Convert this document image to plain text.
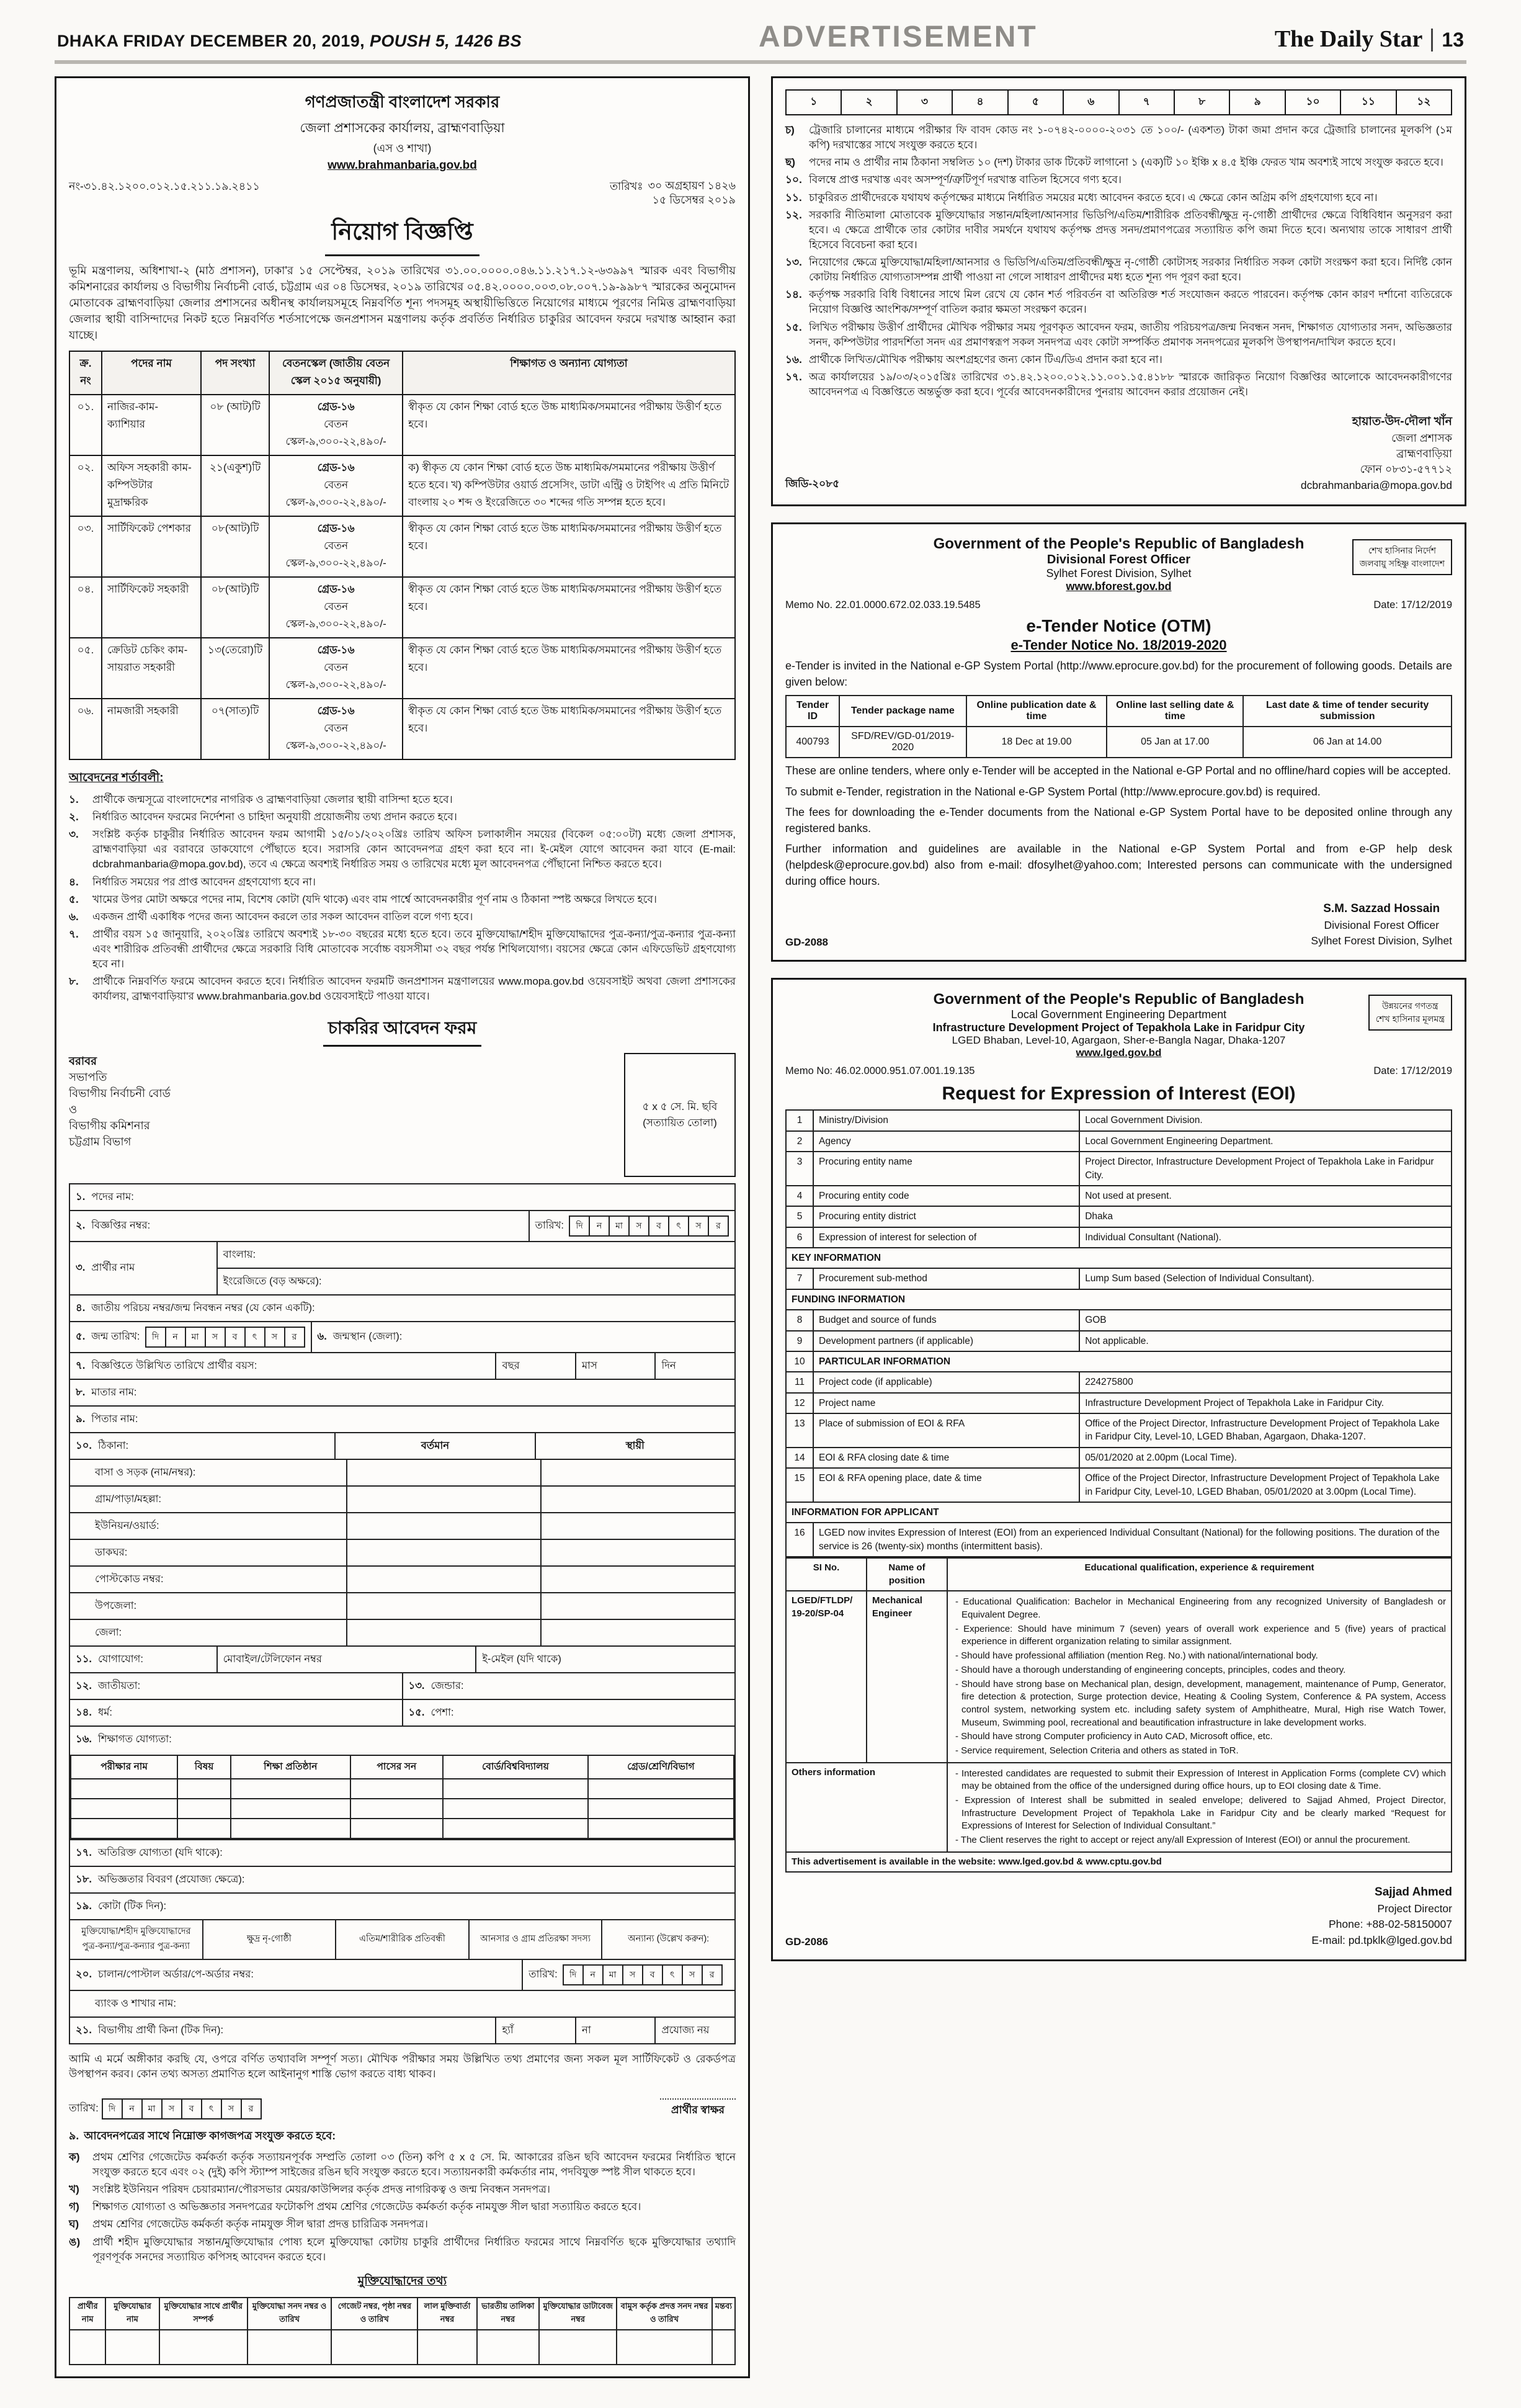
DHAKA FRIDAY DECEMBER 20, 2019, POUSH 5, 1426 BS	ADVERTISEMENT	The Daily Star 13
গণপ্রজাতন্ত্রী বাংলাদেশ সরকার
জেলা প্রশাসকের কার্যালয়, ব্রাহ্মণবাড়িয়া
(এস ও শাখা)
www.brahmanbaria.gov.bd
নং-৩১.৪২.১২০০.০১২.১৫.২১১.১৯.২৪১১	তারিখঃ ৩০ অগ্রহায়ণ ১৪২৬
১৫ ডিসেম্বর ২০১৯
নিয়োগ বিজ্ঞপ্তি

ভূমি মন্ত্রণালয়, অধিশাখা-২ (মাঠ প্রশাসন), ঢাকা'র ১৫ সেপ্টেম্বর, ২০১৯ তারিখের ৩১.০০.০০০০.০৪৬.১১.২১৭.১২-৬৩৯৯৭ স্মারক এবং বিভাগীয় কমিশনারের কার্যালয় ও বিভাগীয় নির্বাচনী বোর্ড, চট্টগ্রাম এর ০৪ ডিসেম্বর, ২০১৯ তারিখের ০৫.৪২.০০০০.০০৩.০৮.০০৭.১৯-৯৯৮৭ স্মারকের অনুমোদন মোতাবেক ব্রাহ্মণবাড়িয়া জেলার প্রশাসনের অধীনস্থ কার্যালয়সমূহে নিম্নবর্ণিত শূন্য পদসমূহ অস্থায়ীভিত্তিতে নিয়োগের মাধ্যমে পূরণের নিমিত্ত ব্রাহ্মণবাড়িয়া জেলার স্থায়ী বাসিন্দাদের নিকট হতে নিম্নবর্ণিত শর্তসাপেক্ষে জনপ্রশাসন মন্ত্রণালয় কর্তৃক প্রবর্তিত নির্ধারিত চাকুরির আবেদন ফরমে দরখাস্ত আহ্বান করা যাচ্ছে।

ক্র. নং	পদের নাম	পদ সংখ্যা	বেতনস্কেল (জাতীয় বেতন স্কেল ২০১৫ অনুযায়ী)	শিক্ষাগত ও অন্যান্য যোগ্যতা
০১.	নাজির-কাম-ক্যাশিয়ার	০৮ (আট)টি	গ্রেড-১৬
বেতন স্কেল-৯,৩০০-২২,৪৯০/-	স্বীকৃত যে কোন শিক্ষা বোর্ড হতে উচ্চ মাধ্যমিক/সমমানের পরীক্ষায় উত্তীর্ণ হতে হবে।
০২.	অফিস সহকারী কাম-কম্পিউটার মুদ্রাক্ষরিক	২১(একুশ)টি	গ্রেড-১৬
বেতন স্কেল-৯,৩০০-২২,৪৯০/-	ক) স্বীকৃত যে কোন শিক্ষা বোর্ড হতে উচ্চ মাধ্যমিক/সমমানের পরীক্ষায় উত্তীর্ণ হতে হবে। খ) কম্পিউটার ওয়ার্ড প্রসেসিং, ডাটা এন্ট্রি ও টাইপিং এ প্রতি মিনিটে বাংলায় ২০ শব্দ ও ইংরেজিতে ৩০ শব্দের গতি সম্পন্ন হতে হবে।
০৩.	সার্টিফিকেট পেশকার	০৮(আট)টি	গ্রেড-১৬
বেতন স্কেল-৯,৩০০-২২,৪৯০/-	স্বীকৃত যে কোন শিক্ষা বোর্ড হতে উচ্চ মাধ্যমিক/সমমানের পরীক্ষায় উত্তীর্ণ হতে হবে।
০৪.	সার্টিফিকেট সহকারী	০৮(আট)টি	গ্রেড-১৬
বেতন স্কেল-৯,৩০০-২২,৪৯০/-	স্বীকৃত যে কোন শিক্ষা বোর্ড হতে উচ্চ মাধ্যমিক/সমমানের পরীক্ষায় উত্তীর্ণ হতে হবে।
০৫.	ক্রেডিট চেকিং কাম-সায়রাত সহকারী	১৩(তেরো)টি	গ্রেড-১৬
বেতন স্কেল-৯,৩০০-২২,৪৯০/-	স্বীকৃত যে কোন শিক্ষা বোর্ড হতে উচ্চ মাধ্যমিক/সমমানের পরীক্ষায় উত্তীর্ণ হতে হবে।
০৬.	নামজারী সহকারী	০৭(সাত)টি	গ্রেড-১৬
বেতন স্কেল-৯,৩০০-২২,৪৯০/-	স্বীকৃত যে কোন শিক্ষা বোর্ড হতে উচ্চ মাধ্যমিক/সমমানের পরীক্ষায় উত্তীর্ণ হতে হবে।
আবেদনের শর্তাবলী:
১.	প্রার্থীকে জন্মসূত্রে বাংলাদেশের নাগরিক ও ব্রাহ্মণবাড়িয়া জেলার স্থায়ী বাসিন্দা হতে হবে।
২.	নির্ধারিত আবেদন ফরমের নির্দেশনা ও চাহিদা অনুযায়ী প্রয়োজনীয় তথ্য প্রদান করতে হবে।
৩.	সংশ্লিষ্ট কর্তৃক চাকুরীর নির্ধারিত আবেদন ফরম আগামী ১৫/০১/২০২০খ্রিঃ তারিখ অফিস চলাকালীন সময়ের (বিকেল ০৫:০০টা) মধ্যে জেলা প্রশাসক, ব্রাহ্মণবাড়িয়া এর বরাবরে ডাকযোগে পৌঁছাতে হবে। সরাসরি কোন আবেদনপত্র গ্রহণ করা হবে না। ই-মেইল যোগে আবেদন করা যাবে (E-mail: dcbrahmanbaria@mopa.gov.bd), তবে এ ক্ষেত্রে অবশ্যই নির্ধারিত সময় ও তারিখের মধ্যে মূল আবেদনপত্র পৌঁছানো নিশ্চিত করতে হবে।
৪.	নির্ধারিত সময়ের পর প্রাপ্ত আবেদন গ্রহণযোগ্য হবে না।
৫.	খামের উপর মোটা অক্ষরে পদের নাম, বিশেষ কোটা (যদি থাকে) এবং বাম পার্শ্বে আবেদনকারীর পূর্ণ নাম ও ঠিকানা স্পষ্ট অক্ষরে লিখতে হবে।
৬.	একজন প্রার্থী একাধিক পদের জন্য আবেদন করলে তার সকল আবেদন বাতিল বলে গণ্য হবে।
৭.	প্রার্থীর বয়স ১৫ জানুয়ারি, ২০২০খ্রিঃ তারিখে অবশ্যই ১৮-৩০ বছরের মধ্যে হতে হবে। তবে মুক্তিযোদ্ধা/শহীদ মুক্তিযোদ্ধাদের পুত্র-কন্যা/পুত্র-কন্যার পুত্র-কন্যা এবং শারীরিক প্রতিবন্ধী প্রার্থীদের ক্ষেত্রে সরকারি বিধি মোতাবেক সর্বোচ্চ বয়সসীমা ৩২ বছর পর্যন্ত শিথিলযোগ্য। বয়সের ক্ষেত্রে কোন এফিডেভিট গ্রহণযোগ্য হবে না।
৮.	প্রার্থীকে নিম্নবর্ণিত ফরমে আবেদন করতে হবে। নির্ধারিত আবেদন ফরমটি জনপ্রশাসন মন্ত্রণালয়ের www.mopa.gov.bd ওয়েবসাইট অথবা জেলা প্রশাসকের কার্যালয়, ব্রাহ্মণবাড়িয়া'র www.brahmanbaria.gov.bd ওয়েবসাইটে পাওয়া যাবে।
চাকরির আবেদন ফরম
বরাবর
সভাপতি
বিভাগীয় নির্বাচনী বোর্ড
ও
বিভাগীয় কমিশনার
চট্টগ্রাম বিভাগ
৫ x ৫ সে. মি. ছবি (সত্যায়িত তোলা)
১. পদের নাম:
২. বিজ্ঞপ্তির নম্বর:	তারিখ:	দি	ন	মা	স	ব	ৎ	স	র
৩. প্রার্থীর নাম
বাংলায়:
ইংরেজিতে (বড় অক্ষরে):
৪. জাতীয় পরিচয় নম্বর/জন্ম নিবন্ধন নম্বর (যে কোন একটি):
৫. জন্ম তারিখ:	দি	ন	মা	স	ব	ৎ	স	র	৬. জন্মস্থান (জেলা):
৭. বিজ্ঞপ্তিতে উল্লিখিত তারিখে প্রার্থীর বয়স:	বছর	মাস	দিন
৮. মাতার নাম:
৯. পিতার নাম:
১০. ঠিকানা:	বর্তমান	স্থায়ী
বাসা ও সড়ক (নাম/নম্বর):
গ্রাম/পাড়া/মহল্লা:
ইউনিয়ন/ওয়ার্ড:
ডাকঘর:
পোস্টকোড নম্বর:
উপজেলা:
জেলা:
১১. যোগাযোগ:	মোবাইল/টেলিফোন নম্বর	ই-মেইল (যদি থাকে)
১২. জাতীয়তা:	১৩. জেন্ডার:
১৪. ধর্ম:	১৫. পেশা:
১৬. শিক্ষাগত যোগ্যতা:
পরীক্ষার নাম	বিষয়	শিক্ষা প্রতিষ্ঠান	পাসের সন	বোর্ড/বিশ্ববিদ্যালয়	গ্রেড/শ্রেণি/বিভাগ

১৭. অতিরিক্ত যোগ্যতা (যদি থাকে):
১৮. অভিজ্ঞতার বিবরণ (প্রযোজ্য ক্ষেত্রে):
১৯. কোটা (টিক দিন):
মুক্তিযোদ্ধা/শহীদ মুক্তিযোদ্ধাদের পুত্র-কন্যা/পুত্র-কন্যার পুত্র-কন্যা
ক্ষুদ্র নৃ-গোষ্ঠী	এতিম/শারীরিক প্রতিবন্ধী	আনসার ও গ্রাম প্রতিরক্ষা সদস্য	অন্যান্য (উল্লেখ করুন):
২০. চালান/পোস্টাল অর্ডার/পে-অর্ডার নম্বর:	তারিখ:	দি	ন	মা	স	ব	ৎ	স	র
ব্যাংক ও শাখার নাম:
২১. বিভাগীয় প্রার্থী কিনা (টিক দিন):	হ্যাঁ	না	প্রযোজ্য নয়

আমি এ মর্মে অঙ্গীকার করছি যে, ওপরে বর্ণিত তথ্যাবলি সম্পূর্ণ সত্য। মৌখিক পরীক্ষার সময় উল্লিখিত তথ্য প্রমাণের জন্য সকল মূল সার্টিফিকেট ও রেকর্ডপত্র উপস্থাপন করব। কোন তথ্য অসত্য প্রমাণিত হলে আইনানুগ শাস্তি ভোগ করতে বাধ্য থাকব।

তারিখ:	দি	ন	মা	স	ব	ৎ	স	র	প্রার্থীর স্বাক্ষর

৯. আবেদনপত্রের সাথে নিম্নোক্ত কাগজপত্র সংযুক্ত করতে হবে:

ক)	প্রথম শ্রেণির গেজেটেড কর্মকর্তা কর্তৃক সত্যায়নপূর্বক সম্প্রতি তোলা ০৩ (তিন) কপি ৫ x ৫ সে. মি. আকারের রঙিন ছবি আবেদন ফরমের নির্ধারিত স্থানে সংযুক্ত করতে হবে এবং ০২ (দুই) কপি স্ট্যাম্প সাইজের রঙিন ছবি সংযুক্ত করতে হবে। সত্যায়নকারী কর্মকর্তার নাম, পদবিযুক্ত স্পষ্ট সীল থাকতে হবে।
খ)	সংশ্লিষ্ট ইউনিয়ন পরিষদ চেয়ারম্যান/পৌরসভার মেয়র/কাউন্সিলর কর্তৃক প্রদত্ত নাগরিকত্ব ও জন্ম নিবন্ধন সনদপত্র।
গ)	শিক্ষাগত যোগ্যতা ও অভিজ্ঞতার সনদপত্রের ফটোকপি প্রথম শ্রেণির গেজেটেড কর্মকর্তা কর্তৃক নামযুক্ত সীল দ্বারা সত্যায়িত করতে হবে।
ঘ)	প্রথম শ্রেণির গেজেটেড কর্মকর্তা কর্তৃক নামযুক্ত সীল দ্বারা প্রদত্ত চারিত্রিক সনদপত্র।
ঙ)	প্রার্থী শহীদ মুক্তিযোদ্ধার সন্তান/মুক্তিযোদ্ধার পোষ্য হলে মুক্তিযোদ্ধা কোটায় চাকুরি প্রার্থীদের নির্ধারিত ফরমের সাথে নিম্নবর্ণিত ছকে মুক্তিযোদ্ধার তথ্যাদি পূরণপূর্বক সনদের সত্যায়িত কপিসহ আবেদন করতে হবে।
মুক্তিযোদ্ধাদের তথ্য
প্রার্থীর নাম	মুক্তিযোদ্ধার নাম	মুক্তিযোদ্ধার সাথে প্রার্থীর সম্পর্ক	মুক্তিযোদ্ধা সনদ নম্বর ও তারিখ	গেজেট নম্বর, পৃষ্ঠা নম্বর ও তারিখ	লাল মুক্তিবার্তা নম্বর	ভারতীয় তালিকা নম্বর	মুক্তিযোদ্ধার ডাটাবেজ নম্বর	বামুস কর্তৃক প্রদত্ত সনদ নম্বর ও তারিখ	মন্তব্য

১	২	৩	৪	৫	৬	৭	৮	৯	১০	১১	১২
চ)	ট্রেজারি চালানের মাধ্যমে পরীক্ষার ফি বাবদ কোড নং ১-০৭৪২-০০০০-২০৩১ তে ১০০/- (একশত) টাকা জমা প্রদান করে ট্রেজারি চালানের মূলকপি (১ম কপি) দরখাস্তের সাথে সংযুক্ত করতে হবে।
ছ)	পদের নাম ও প্রার্থীর নাম ঠিকানা সম্বলিত ১০ (দশ) টাকার ডাক টিকেট লাগানো ১ (এক)টি ১০ ইঞ্চি x ৪.৫ ইঞ্চি ফেরত খাম অবশ্যই সাথে সংযুক্ত করতে হবে।
১০. বিলম্বে প্রাপ্ত দরখাস্ত এবং অসম্পূর্ণ/ত্রুটিপূর্ণ দরখাস্ত বাতিল হিসেবে গণ্য হবে।
১১. চাকুরিরত প্রার্থীদেরকে যথাযথ কর্তৃপক্ষের মাধ্যমে নির্ধারিত সময়ের মধ্যে আবেদন করতে হবে। এ ক্ষেত্রে কোন অগ্রিম কপি গ্রহণযোগ্য হবে না।
১২. সরকারি নীতিমালা মোতাবেক মুক্তিযোদ্ধার সন্তান/মহিলা/আনসার ভিডিপি/এতিম/শারীরিক প্রতিবন্ধী/ক্ষুদ্র নৃ-গোষ্ঠী প্রার্থীদের ক্ষেত্রে বিধিবিধান অনুসরণ করা হবে। এ ক্ষেত্রে প্রার্থীকে তার কোটার দাবীর সমর্থনে যথাযথ কর্তৃপক্ষ প্রদত্ত সনদ/প্রমাণপত্রের সত্যায়িত কপি জমা দিতে হবে। অন্যথায় তাকে সাধারণ প্রার্থী হিসেবে বিবেচনা করা হবে।
১৩. নিয়োগের ক্ষেত্রে মুক্তিযোদ্ধা/মহিলা/আনসার ও ভিডিপি/এতিম/প্রতিবন্ধী/ক্ষুদ্র নৃ-গোষ্ঠী কোটাসহ সরকার নির্ধারিত সকল কোটা সংরক্ষণ করা হবে। নির্দিষ্ট কোন কোটায় নির্ধারিত যোগ্যতাসম্পন্ন প্রার্থী পাওয়া না গেলে সাধারণ প্রার্থীদের মধ্য হতে শূন্য পদ পূরণ করা হবে।
১৪. কর্তৃপক্ষ সরকারি বিধি বিধানের সাথে মিল রেখে যে কোন শর্ত পরিবর্তন বা অতিরিক্ত শর্ত সংযোজন করতে পারবেন। কর্তৃপক্ষ কোন কারণ দর্শানো ব্যতিরেকে নিয়োগ বিজ্ঞপ্তি আংশিক/সম্পূর্ণ বাতিল করার ক্ষমতা সংরক্ষণ করেন।
১৫. লিখিত পরীক্ষায় উত্তীর্ণ প্রার্থীদের মৌখিক পরীক্ষার সময় পূরণকৃত আবেদন ফরম, জাতীয় পরিচয়পত্র/জন্ম নিবন্ধন সনদ, শিক্ষাগত যোগ্যতার সনদ, অভিজ্ঞতার সনদ, কম্পিউটার পারদর্শিতা সনদ এর প্রমাণস্বরূপ সকল সনদপত্র এবং কোটা সম্পর্কিত প্রমাণক সনদপত্রের মূলকপি উপস্থাপন/দাখিল করতে হবে।
১৬. প্রার্থীকে লিখিত/মৌখিক পরীক্ষায় অংশগ্রহণের জন্য কোন টিএ/ডিএ প্রদান করা হবে না।
১৭. অত্র কার্যালয়ের ১৯/০৩/২০১৫খ্রিঃ তারিখের ৩১.৪২.১২০০.০১২.১১.০০১.১৫.৪১৮৮ স্মারকে জারিকৃত নিয়োগ বিজ্ঞপ্তির আলোকে আবেদনকারীগণের আবেদনপত্র এ বিজ্ঞপ্তিতে অন্তর্ভুক্ত করা হবে। পূর্বের আবেদনকারীদের পুনরায় আবেদন করার প্রয়োজন নেই।
জিডি-২০৮৫
হায়াত-উদ-দৌলা খাঁন
জেলা প্রশাসক
ব্রাহ্মণবাড়িয়া
ফোন ০৮৩১-৫৭৭১২
dcbrahmanbaria@mopa.gov.bd
শেখ হাসিনার নির্দেশ
জলবায়ু সহিষ্ণু বাংলাদেশ
Government of the People's Republic of Bangladesh
Divisional Forest Officer
Sylhet Forest Division, Sylhet
www.bforest.gov.bd
Memo No. 22.01.0000.672.02.033.19.5485	Date: 17/12/2019
e-Tender Notice (OTM)
e-Tender Notice No. 18/2019-2020

e-Tender is invited in the National e-GP System Portal (http://www.eprocure.gov.bd) for the procurement of following goods. Details are given below:

Tender ID	Tender package name	Online publication date & time	Online last selling date & time	Last date & time of tender security submission
400793	SFD/REV/GD-01/2019-2020	18 Dec at 19.00	05 Jan at 17.00	06 Jan at 14.00

These are online tenders, where only e-Tender will be accepted in the National e-GP Portal and no offline/hard copies will be accepted.

To submit e-Tender, registration in the National e-GP System Portal (http://www.eprocure.gov.bd) is required.

The fees for downloading the e-Tender documents from the National e-GP System Portal have to be deposited online through any registered banks.

Further information and guidelines are available in the National e-GP System Portal and from e-GP help desk (helpdesk@eprocure.gov.bd) also from e-mail: dfosylhet@yahoo.com; Interested persons can communicate with the undersigned during office hours.

GD-2088
S.M. Sazzad Hossain
Divisional Forest Officer
Sylhet Forest Division, Sylhet
উন্নয়নের গণতন্ত্র
শেখ হাসিনার মূলমন্ত্র
Government of the People's Republic of Bangladesh
Local Government Engineering Department
Infrastructure Development Project of Tepakhola Lake in Faridpur City
LGED Bhaban, Level-10, Agargaon, Sher-e-Bangla Nagar, Dhaka-1207
www.lged.gov.bd
Memo No: 46.02.0000.951.07.001.19.135	Date: 17/12/2019
Request for Expression of Interest (EOI)
1	Ministry/Division	Local Government Division.
2	Agency	Local Government Engineering Department.
3	Procuring entity name	Project Director, Infrastructure Development Project of Tepakhola Lake in Faridpur City.
4	Procuring entity code	Not used at present.
5	Procuring entity district	Dhaka
6	Expression of interest for selection of	Individual Consultant (National).
KEY INFORMATION		
7	Procurement sub-method	Lump Sum based (Selection of Individual Consultant).
FUNDING INFORMATION		
8	Budget and source of funds	GOB
9	Development partners (if applicable)	Not applicable.
10	PARTICULAR INFORMATION	
11	Project code (if applicable)	224275800
12	Project name	Infrastructure Development Project of Tepakhola Lake in Faridpur City.
13	Place of submission of EOI & RFA	Office of the Project Director, Infrastructure Development Project of Tepakhola Lake in Faridpur City, Level-10, LGED Bhaban, Agargaon, Dhaka-1207.
14	EOI & RFA closing date & time	05/01/2020 at 2.00pm (Local Time).
15	EOI & RFA opening place, date & time	Office of the Project Director, Infrastructure Development Project of Tepakhola Lake in Faridpur City, Level-10, LGED Bhaban, 05/01/2020 at 3.00pm (Local Time).
INFORMATION FOR APPLICANT		
16	LGED now invites Expression of Interest (EOI) from an experienced Individual Consultant (National) for the following positions. The duration of the service is 26 (twenty-six) months (intermittent basis).	
SI No.	Name of position	Educational qualification, experience & requirement
LGED/FTLDP/ 19-20/SP-04	Mechanical Engineer	
- Educational Qualification: Bachelor in Mechanical Engineering from any recognized University of Bangladesh or Equivalent Degree.
- Experience: Should have minimum 7 (seven) years of overall work experience and 5 (five) years of practical experience in different organization relating to similar assignment.
- Should have professional affiliation (mention Reg. No.) with national/international body.
- Should have a thorough understanding of engineering concepts, principles, codes and theory.
- Should have strong base on Mechanical plan, design, development, management, maintenance of Pump, Generator, fire detection & protection, Surge protection device, Heating & Cooling System, Conference & PA system, Access control system, networking system etc. including safety system of Amphitheatre, Mural, High rise Watch Tower, Museum, Swimming pool, recreational and beautification infrastructure in lake development works.
- Should have strong Computer proficiency in Auto CAD, Microsoft office, etc.
- Service requirement, Selection Criteria and others as stated in ToR.

Others information		- Interested candidates are requested to submit their Expression of Interest in Application Forms (complete CV) which may be obtained from the office of the undersigned during office hours, up to EOI closing date & Time.
- Expression of Interest shall be submitted in sealed envelope; delivered to Sajjad Ahmed, Project Director, Infrastructure Development Project of Tepakhola Lake in Faridpur City and be clearly marked “Request for Expressions of Interest for Selection of Individual Consultant.”
- The Client reserves the right to accept or reject any/all Expression of Interest (EOI) or annul the procurement.

This advertisement is available in the website: www.lged.gov.bd & www.cptu.gov.bd		
GD-2086
Sajjad Ahmed
Project Director
Phone: +88-02-58150007
E-mail: pd.tpklk@lged.gov.bd
